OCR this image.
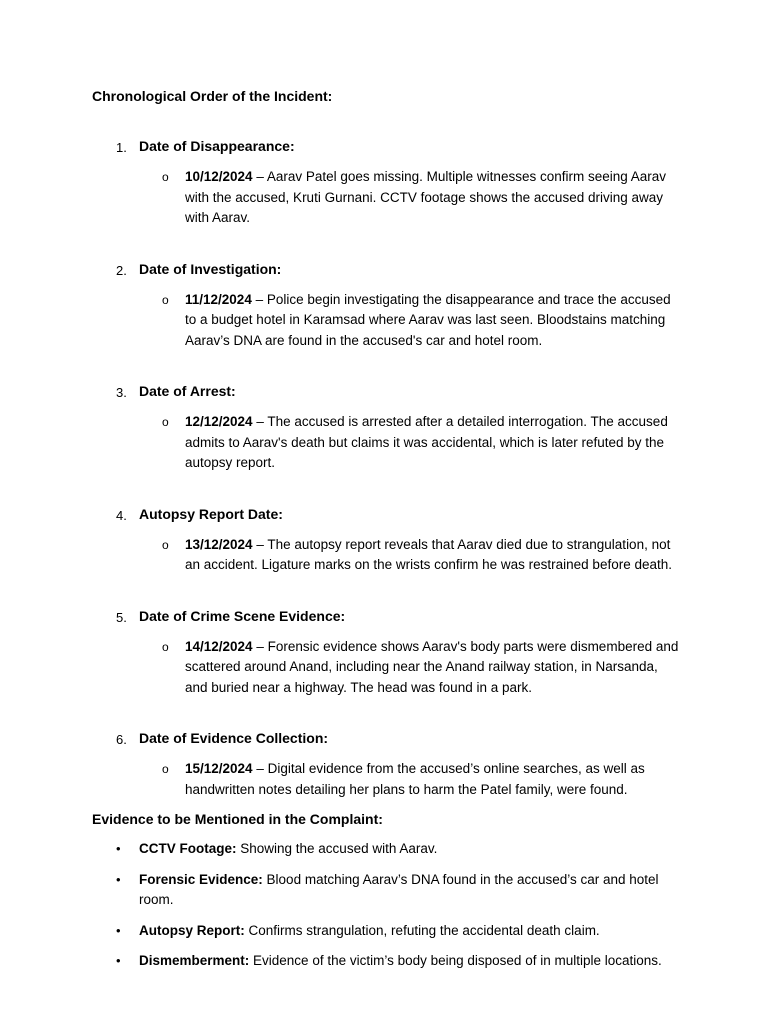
Chronological Order of the Incident:

1. Date of Disappearance:

o 10/12/2024 – Aarav Patel goes missing. Multiple witnesses confirm seeing Aarav with the accused, Kruti Gurnani. CCTV footage shows the accused driving away with Aarav.

2. Date of Investigation:

o 11/12/2024 – Police begin investigating the disappearance and trace the accused to a budget hotel in Karamsad where Aarav was last seen. Bloodstains matching Aarav’s DNA are found in the accused's car and hotel room.

3. Date of Arrest:

o 12/12/2024 – The accused is arrested after a detailed interrogation. The accused admits to Aarav's death but claims it was accidental, which is later refuted by the autopsy report.

4. Autopsy Report Date:

o 13/12/2024 – The autopsy report reveals that Aarav died due to strangulation, not an accident. Ligature marks on the wrists confirm he was restrained before death.

5. Date of Crime Scene Evidence:

o 14/12/2024 – Forensic evidence shows Aarav's body parts were dismembered and scattered around Anand, including near the Anand railway station, in Narsanda, and buried near a highway. The head was found in a park.

6. Date of Evidence Collection:

o 15/12/2024 – Digital evidence from the accused’s online searches, as well as handwritten notes detailing her plans to harm the Patel family, were found.

Evidence to be Mentioned in the Complaint:

• CCTV Footage: Showing the accused with Aarav.
• Forensic Evidence: Blood matching Aarav’s DNA found in the accused’s car and hotel room.
• Autopsy Report: Confirms strangulation, refuting the accidental death claim.
• Dismemberment: Evidence of the victim’s body being disposed of in multiple locations.
